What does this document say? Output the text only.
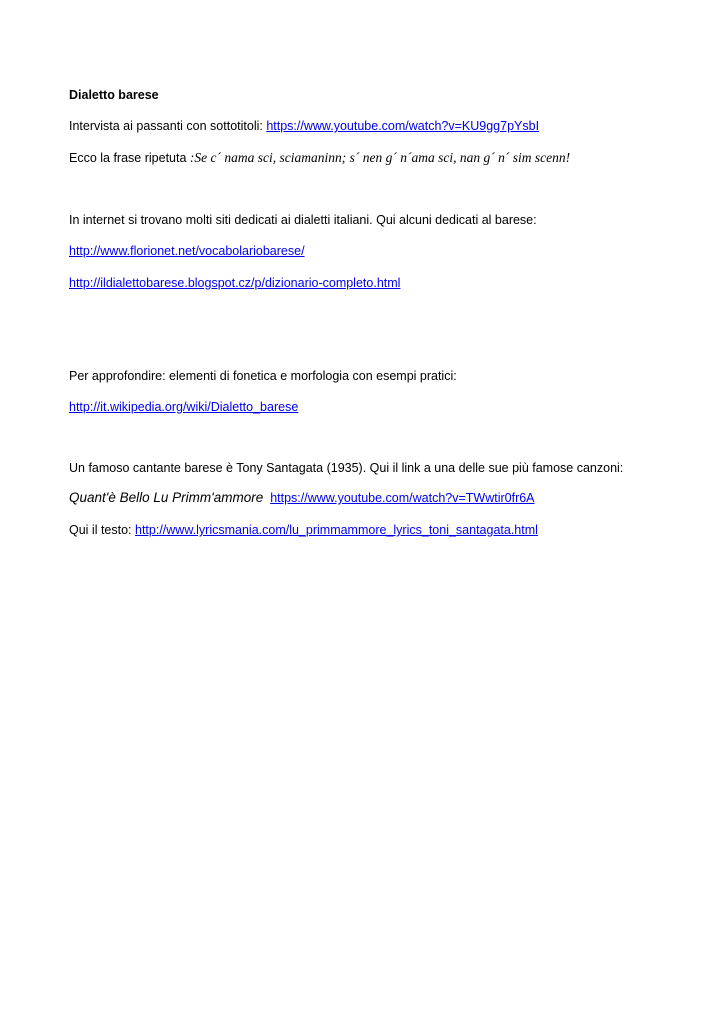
Dialetto barese
Intervista ai passanti con sottotitoli: https://www.youtube.com/watch?v=KU9gg7pYsbI
Ecco la frase ripetuta :Se c´ nama sci, sciamaninn; s´ nen g´ n´ama sci, nan g´ n´ sim scenn!
In internet si trovano molti siti dedicati ai dialetti italiani. Qui alcuni dedicati al barese:
http://www.florionet.net/vocabolariobarese/
http://ildialettobarese.blogspot.cz/p/dizionario-completo.html
Per approfondire: elementi di fonetica e morfologia con esempi pratici:
http://it.wikipedia.org/wiki/Dialetto_barese
Un famoso cantante barese è Tony Santagata (1935). Qui il link a una delle sue più famose canzoni:
Quant'è Bello Lu Primm'ammore https://www.youtube.com/watch?v=TWwtir0fr6A
Qui il testo: http://www.lyricsmania.com/lu_primmammore_lyrics_toni_santagata.html
